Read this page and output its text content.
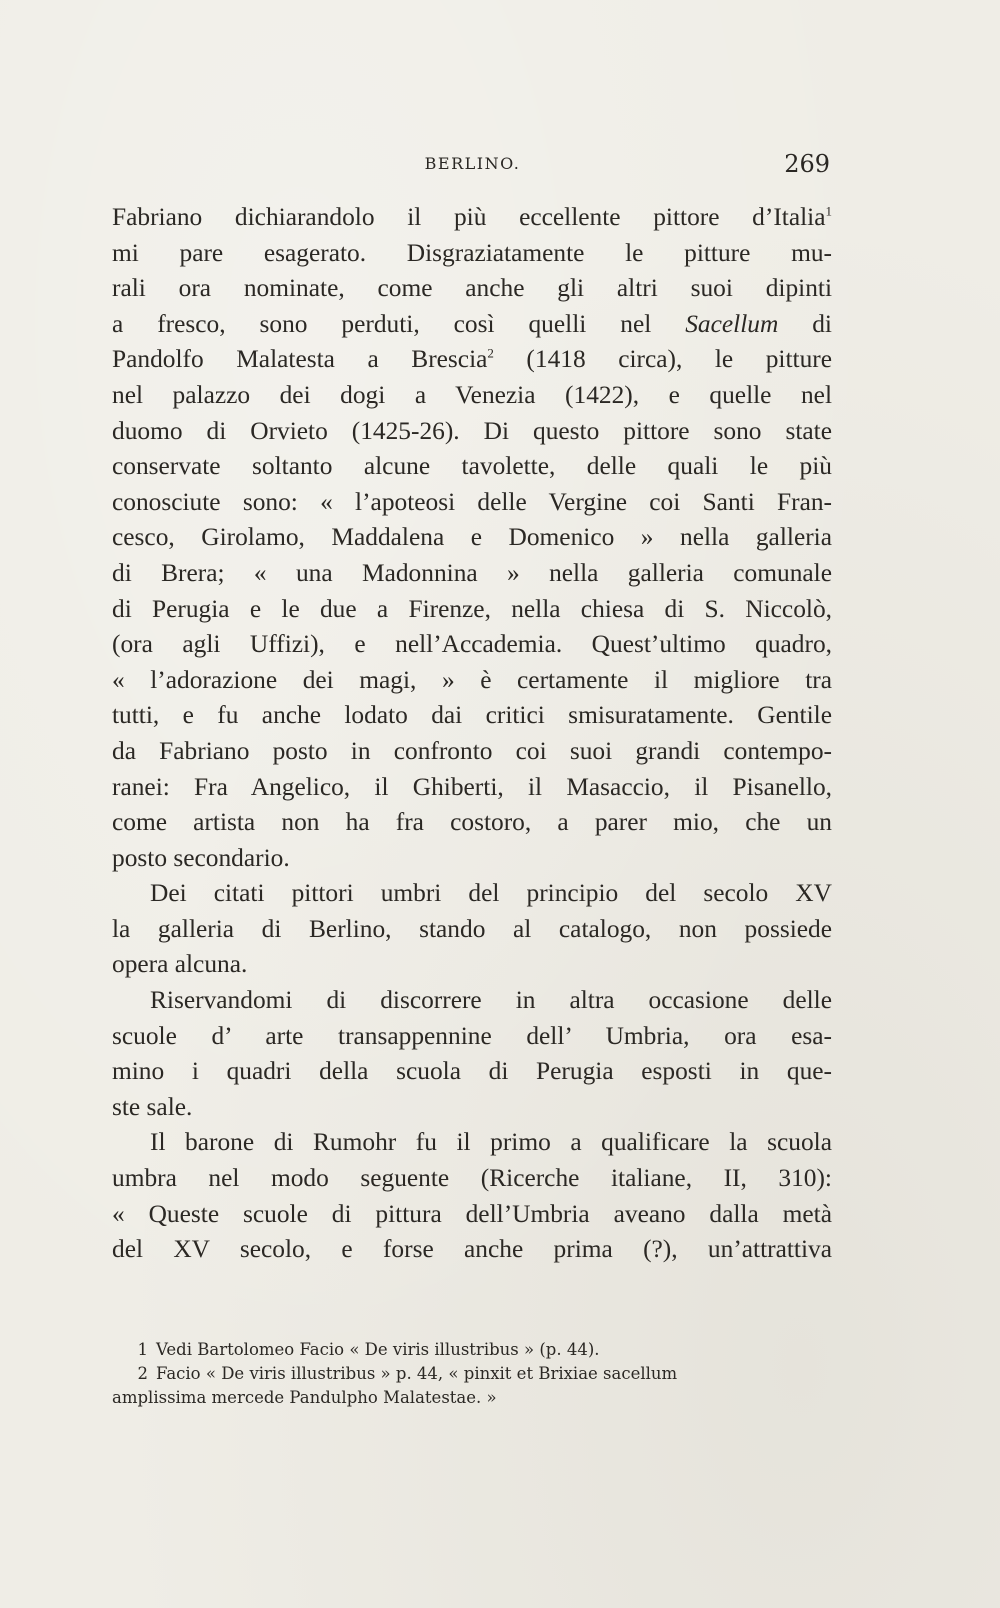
BERLINO.	269

Fabriano dichiarandolo il più eccellente pittore d’Italia$^1$
mi pare esagerato. Disgraziatamente le pitture mu-
rali ora nominate, come anche gli altri suoi dipinti
a fresco, sono perduti, così quelli nel Sacellum di
Pandolfo Malatesta a Brescia$^2$ (1418 circa), le pitture
nel palazzo dei dogi a Venezia (1422), e quelle nel
duomo di Orvieto (1425-26). Di questo pittore sono state
conservate soltanto alcune tavolette, delle quali le più
conosciute sono: « l’apoteosi delle Vergine coi Santi Fran-
cesco, Girolamo, Maddalena e Domenico » nella galleria
di Brera; « una Madonnina » nella galleria comunale
di Perugia e le due a Firenze, nella chiesa di S. Niccolò,
(ora agli Uffizi), e nell’Accademia. Quest’ultimo quadro,
« l’adorazione dei magi, » è certamente il migliore tra
tutti, e fu anche lodato dai critici smisuratamente. Gentile
da Fabriano posto in confronto coi suoi grandi contempo-
ranei: Fra Angelico, il Ghiberti, il Masaccio, il Pisanello,
come artista non ha fra costoro, a parer mio, che un
posto secondario.

Dei citati pittori umbri del principio del secolo XV
la galleria di Berlino, stando al catalogo, non possiede
opera alcuna.

Riservandomi di discorrere in altra occasione delle
scuole d’ arte transappennine dell’ Umbria, ora esa-
mino i quadri della scuola di Perugia esposti in que-
ste sale.

Il barone di Rumohr fu il primo a qualificare la scuola
umbra nel modo seguente (Ricerche italiane, II, 310):
« Queste scuole di pittura dell’Umbria aveano dalla metà
del XV secolo, e forse anche prima (?), un’attrattiva

1 Vedi Bartolomeo Facio « De viris illustribus » (p. 44).

2 Facio « De viris illustribus » p. 44, « pinxit et Brixiae sacellum
amplissima mercede Pandulpho Malatestae. »
